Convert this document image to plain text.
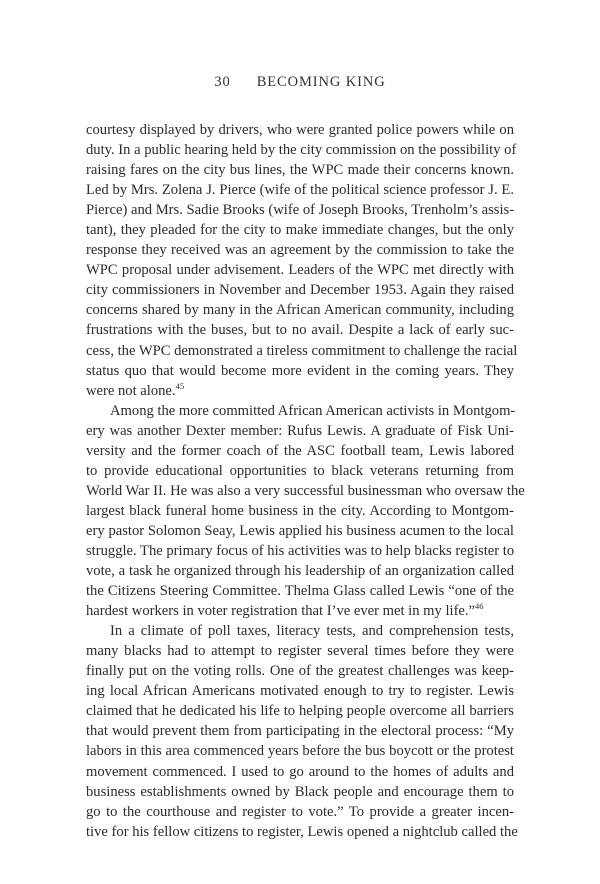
30 BECOMING KING
courtesy displayed by drivers, who were granted police powers while on
duty. In a public hearing held by the city commission on the possibility of
raising fares on the city bus lines, the WPC made their concerns known.
Led by Mrs. Zolena J. Pierce (wife of the political science professor J. E.
Pierce) and Mrs. Sadie Brooks (wife of Joseph Brooks, Trenholm’s assis-
tant), they pleaded for the city to make immediate changes, but the only
response they received was an agreement by the commission to take the
WPC proposal under advisement. Leaders of the WPC met directly with
city commissioners in November and December 1953. Again they raised
concerns shared by many in the African American community, including
frustrations with the buses, but to no avail. Despite a lack of early suc-
cess, the WPC demonstrated a tireless commitment to challenge the racial
status quo that would become more evident in the coming years. They
were not alone.$^{45}$
Among the more committed African American activists in Montgom-
ery was another Dexter member: Rufus Lewis. A graduate of Fisk Uni-
versity and the former coach of the ASC football team, Lewis labored
to provide educational opportunities to black veterans returning from
World War II. He was also a very successful businessman who oversaw the
largest black funeral home business in the city. According to Montgom-
ery pastor Solomon Seay, Lewis applied his business acumen to the local
struggle. The primary focus of his activities was to help blacks register to
vote, a task he organized through his leadership of an organization called
the Citizens Steering Committee. Thelma Glass called Lewis “one of the
hardest workers in voter registration that I’ve ever met in my life.”$^{46}$
In a climate of poll taxes, literacy tests, and comprehension tests,
many blacks had to attempt to register several times before they were
finally put on the voting rolls. One of the greatest challenges was keep-
ing local African Americans motivated enough to try to register. Lewis
claimed that he dedicated his life to helping people overcome all barriers
that would prevent them from participating in the electoral process: “My
labors in this area commenced years before the bus boycott or the protest
movement commenced. I used to go around to the homes of adults and
business establishments owned by Black people and encourage them to
go to the courthouse and register to vote.” To provide a greater incen-
tive for his fellow citizens to register, Lewis opened a nightclub called the
